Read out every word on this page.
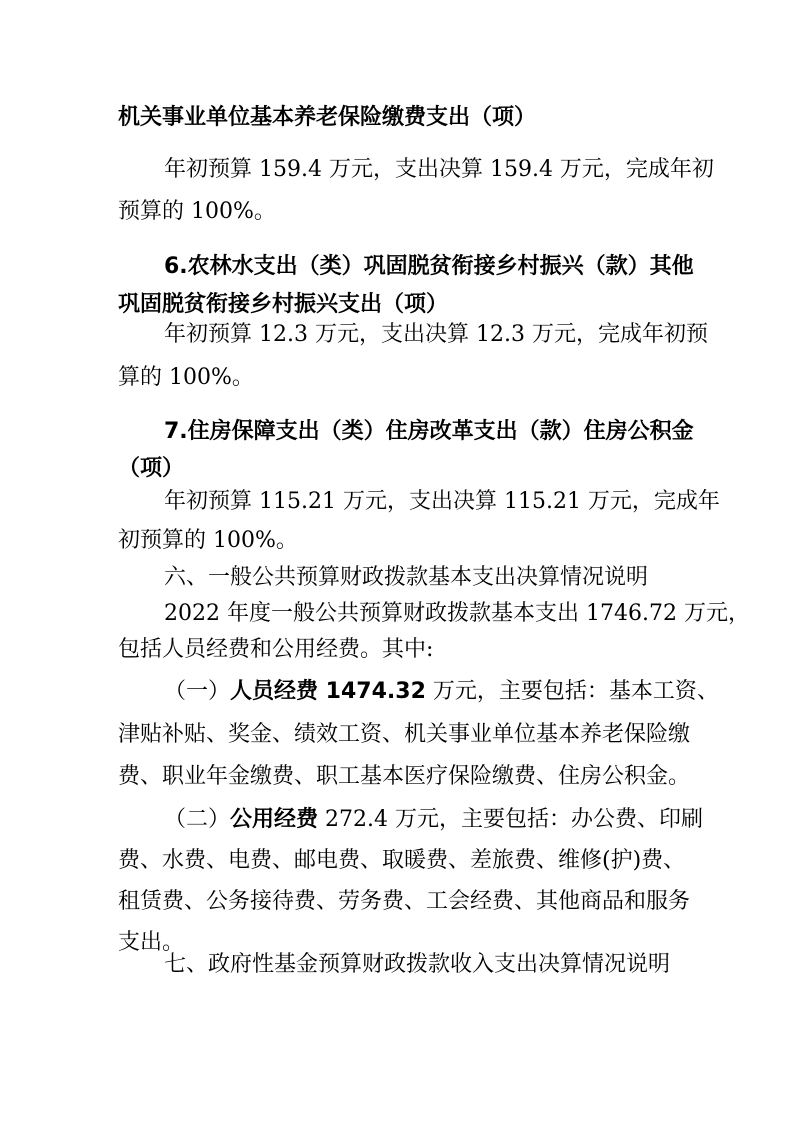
机关事业单位基本养老保险缴费支出（项）
年初预算 159.4 万元，支出决算 159.4 万元，完成年初
预算的 100%。
6.农林水支出（类）巩固脱贫衔接乡村振兴（款）其他
巩固脱贫衔接乡村振兴支出（项）
年初预算 12.3 万元，支出决算 12.3 万元，完成年初预
算的 100%。
7.住房保障支出（类）住房改革支出（款）住房公积金
（项）
年初预算 115.21 万元，支出决算 115.21 万元，完成年
初预算的 100%。
六、一般公共预算财政拨款基本支出决算情况说明
2022 年度一般公共预算财政拨款基本支出 1746.72 万元，
包括人员经费和公用经费。其中:
（一）人员经费 1474.32 万元，主要包括：基本工资、
津贴补贴、奖金、绩效工资、机关事业单位基本养老保险缴
费、职业年金缴费、职工基本医疗保险缴费、住房公积金。
（二）公用经费 272.4 万元，主要包括：办公费、印刷
费、水费、电费、邮电费、取暖费、差旅费、维修(护)费、
租赁费、公务接待费、劳务费、工会经费、其他商品和服务
支出。
七、政府性基金预算财政拨款收入支出决算情况说明
